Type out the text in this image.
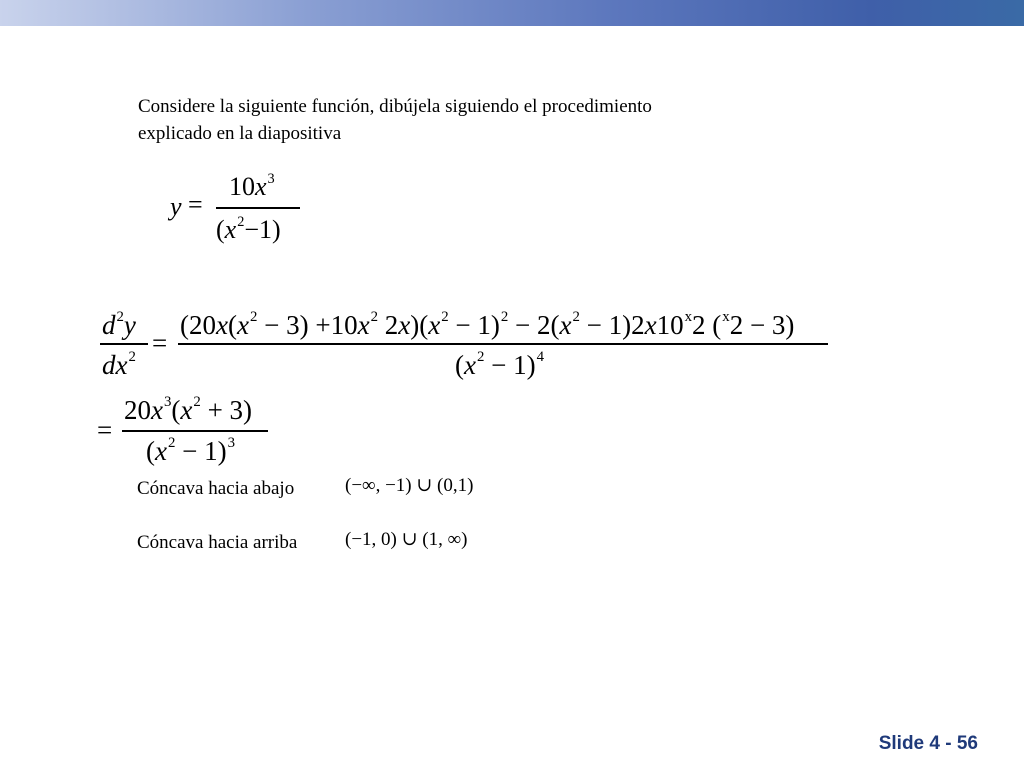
Considere la siguiente función, dibújela siguiendo el procedimiento explicado en la diapositiva
y =
$10x^3$
$(x^2-1)$
$d^2y$
$dx^2$ =
($20x(x^2 - 3) +10x^2$ $2x)(x^2 - 1)^2 - 2(x^2 - 1)2x10^x2$ ($^x$2 − 3)
$(x^2 - 1)^4$
=
$20x^3(x^2 + 3)$
$(x^2 - 1)^3$
Cóncava hacia abajo	(−∞, −1) ∪ (0,1)
Cóncava hacia arriba	(−1, 0) ∪ (1, ∞)
Slide 4 - 56
